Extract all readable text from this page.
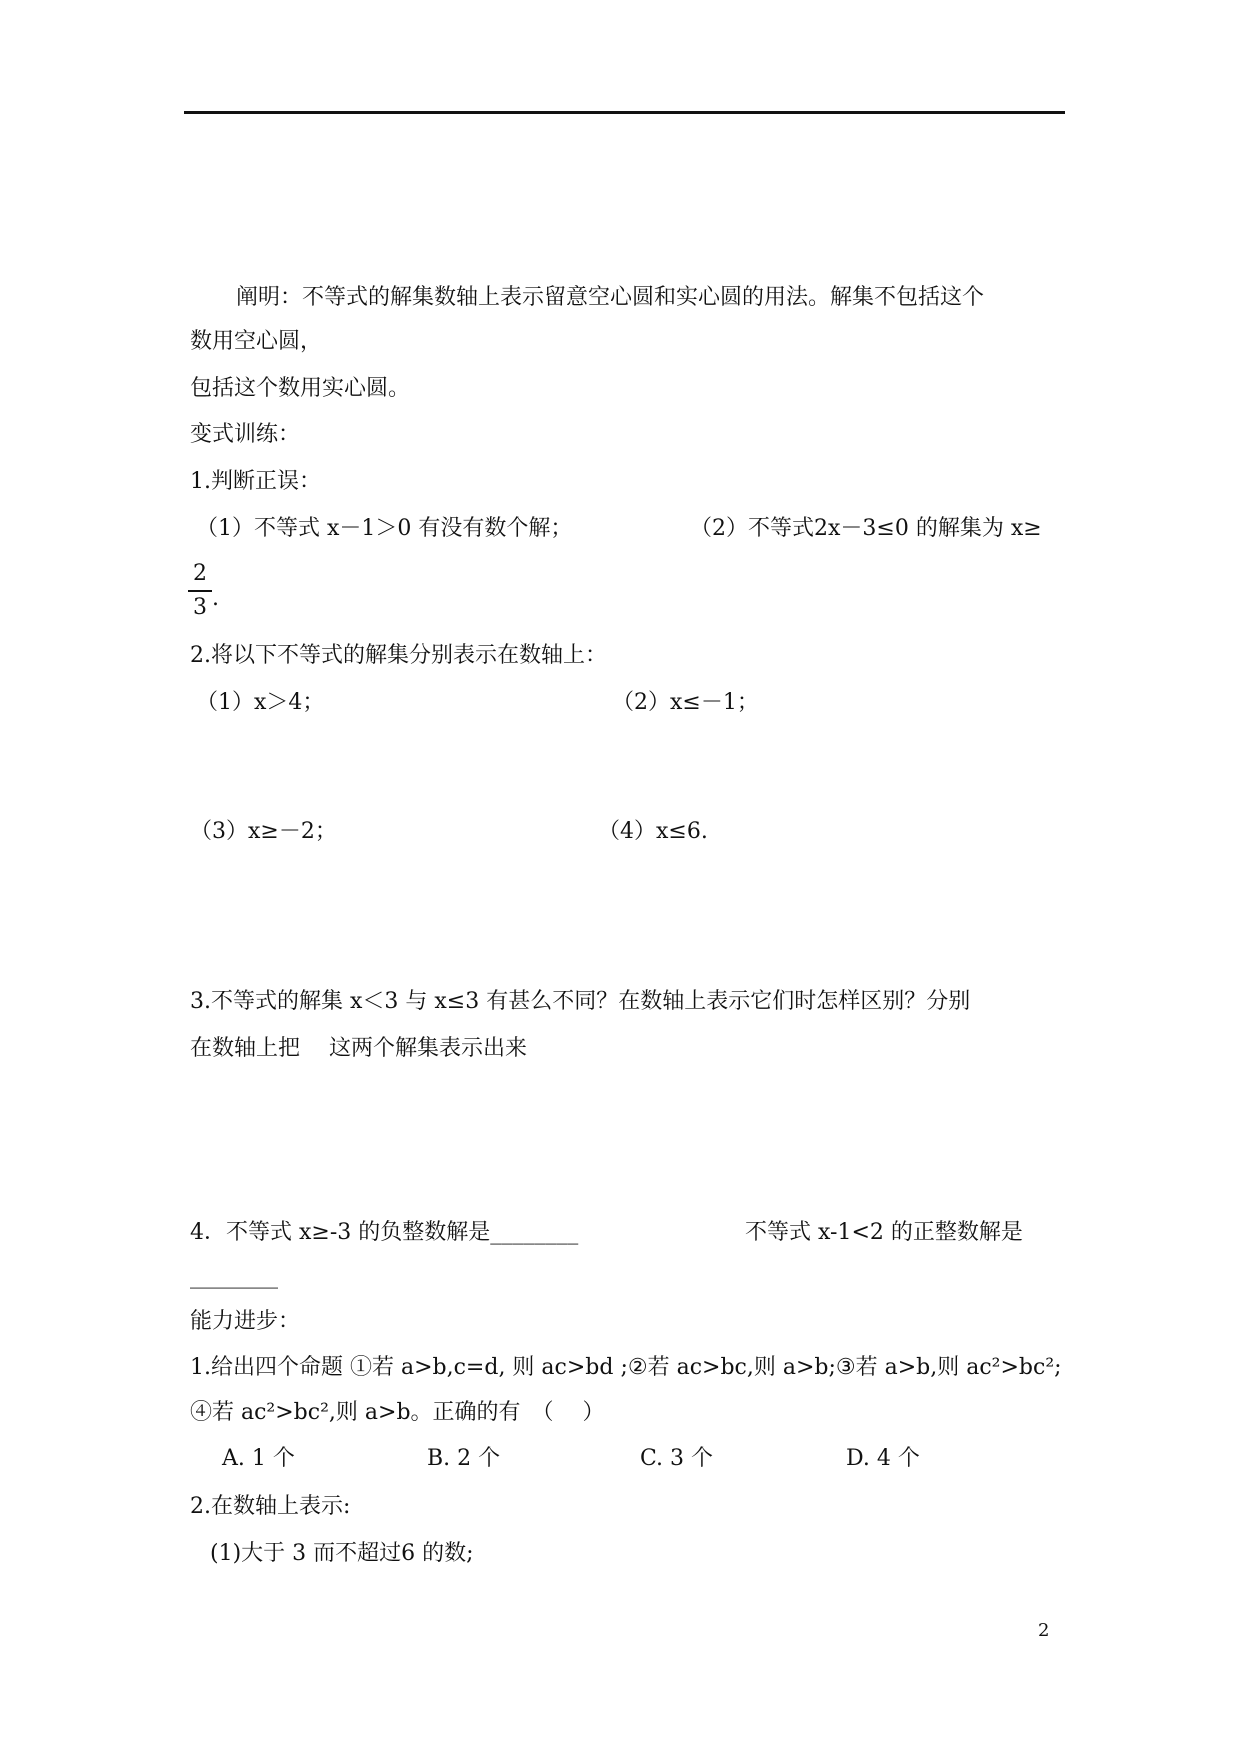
阐明：不等式的解集数轴上表示留意空心圆和实心圆的用法。解集不包括这个
数用空心圆，
包括这个数用实心圆。
变式训练：
1.判断正误：
（1）不等式 x－1＞0 有没有数个解；	（2）不等式2x－3≤0 的解集为 x≥
2
3 .
2.将以下不等式的解集分别表示在数轴上：
（1）x＞4；	（2）x≤－1；
（3）x≥－2；	（4）x≤6.
3.不等式的解集 x＜3 与 x≤3 有甚么不同？在数轴上表示它们时怎样区别？分别
在数轴上把　 这两个解集表示出来
4．不等式 x≥-3 的负整数解是________	不等式 x-1<2 的正整数解是
________
能力进步：
1.给出四个命题 ①若 a>b,c=d, 则 ac>bd ;②若 ac>bc,则 a>b;③若 a>b,则 ac²>bc²;
④若 ac²>bc²,则 a>b。正确的有　（　 ）
A. 1 个	B. 2 个	C. 3 个	D. 4 个
2.在数轴上表示:
(1)大于 3 而不超过6 的数;
2
